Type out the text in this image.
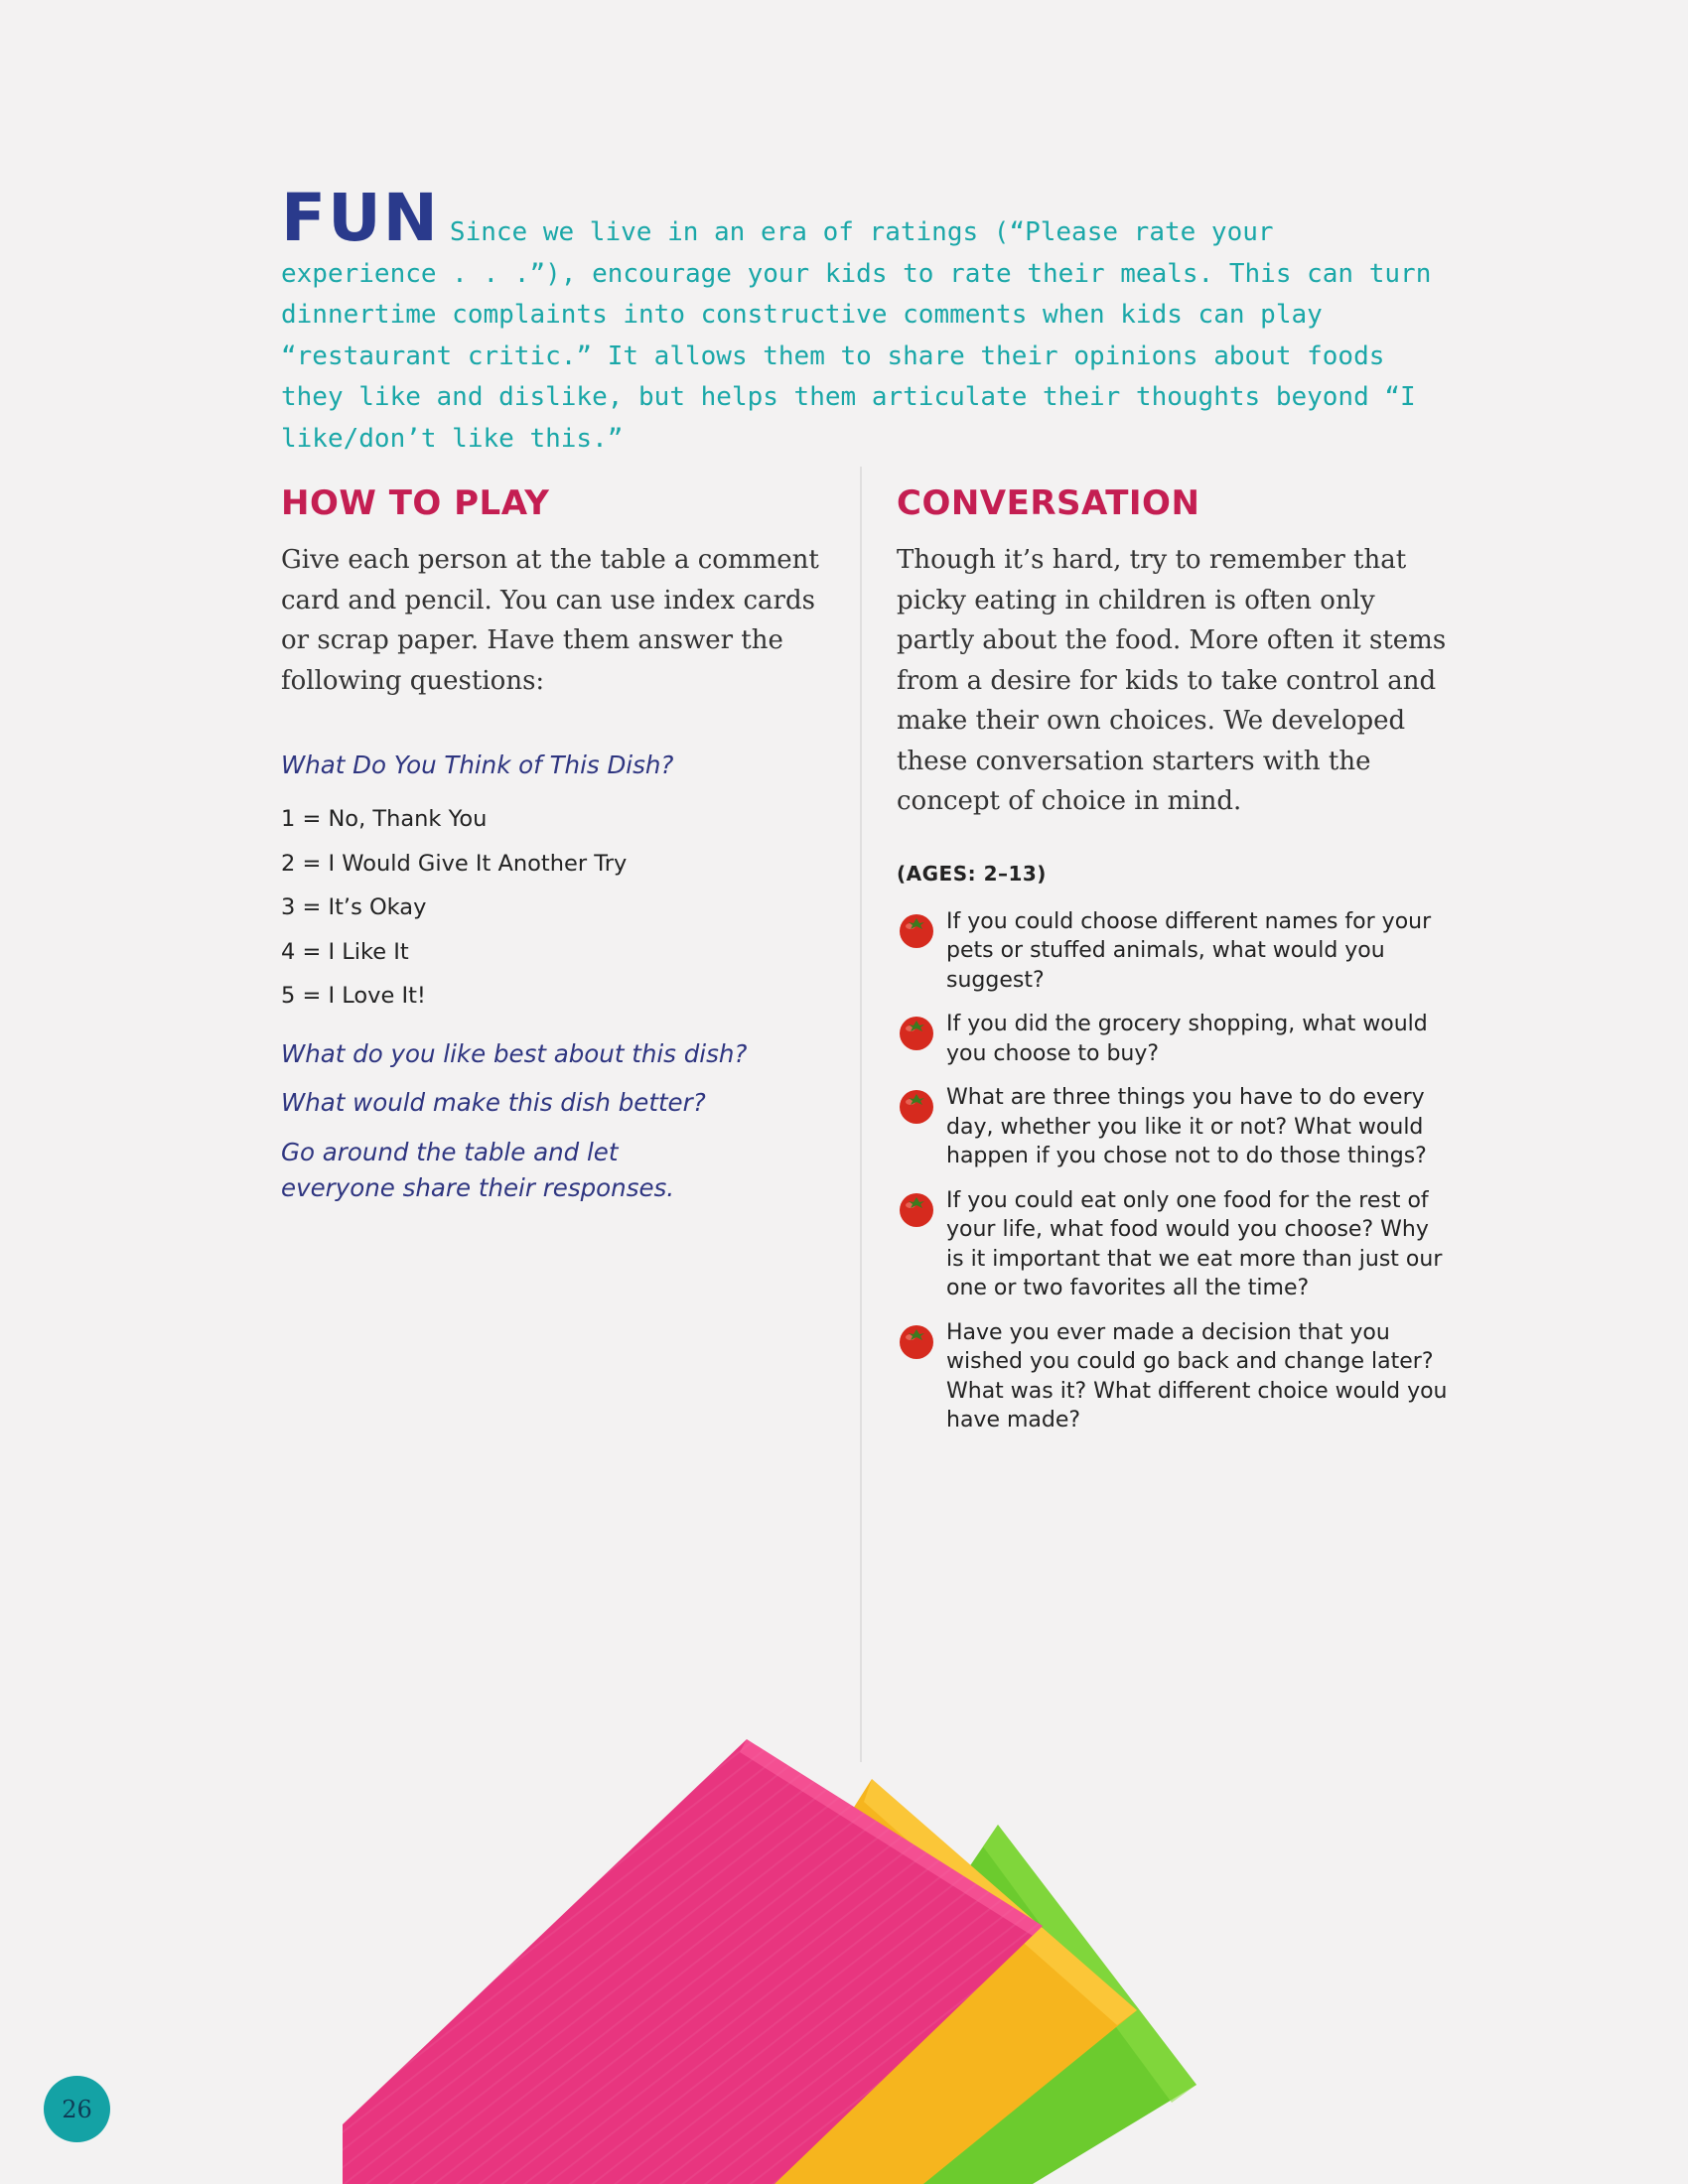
FUN Since we live in an era of ratings (“Please rate your experience . . .”), encourage your kids to rate their meals. This can turn dinnertime complaints into constructive comments when kids can play “restaurant critic.” It allows them to share their opinions about foods they like and dislike, but helps them articulate their thoughts beyond “I like/don’t like this.”
HOW TO PLAY

Give each person at the table a comment card and pencil. You can use index cards or scrap paper. Have them answer the following questions:

What Do You Think of This Dish?

1 = No, Thank You
2 = I Would Give It Another Try
3 = It’s Okay
4 = I Like It
5 = I Love It!

What do you like best about this dish?

What would make this dish better?

Go around the table and let everyone share their responses.

CONVERSATION

Though it’s hard, try to remember that picky eating in children is often only partly about the food. More often it stems from a desire for kids to take control and make their own choices. We developed these conversation starters with the concept of choice in mind.

(AGES: 2–13)

If you could choose different names for your pets or stuffed animals, what would you suggest?
If you did the grocery shopping, what would you choose to buy?
What are three things you have to do every day, whether you like it or not? What would happen if you chose not to do those things?
If you could eat only one food for the rest of your life, what food would you choose? Why is it important that we eat more than just our one or two favorites all the time?
Have you ever made a decision that you wished you could go back and change later? What was it? What different choice would you have made?
26
